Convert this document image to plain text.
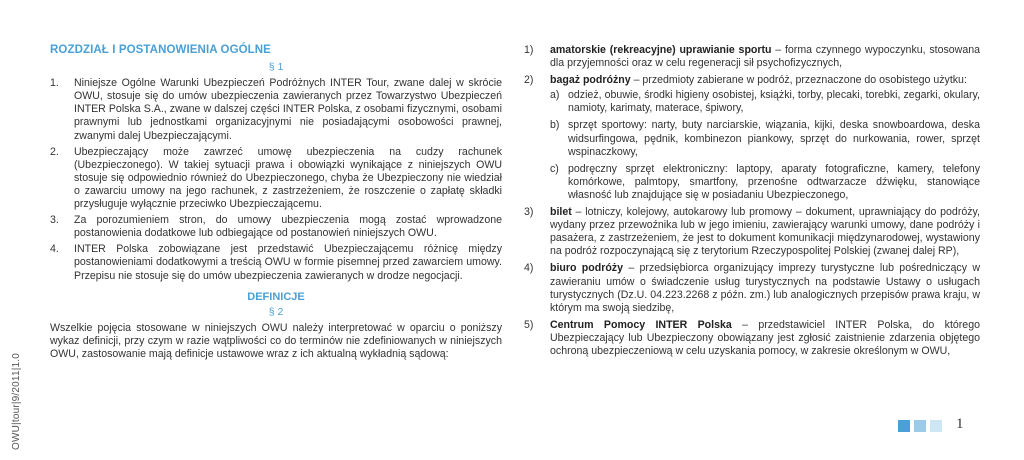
OWU|tour|9/2011|1.0
ROZDZIAŁ I POSTANOWIENIA OGÓLNE
§ 1
1. Niniejsze Ogólne Warunki Ubezpieczeń Podróżnych INTER Tour, zwane dalej w skrócie OWU, stosuje się do umów ubezpieczenia zawieranych przez Towarzystwo Ubezpieczeń INTER Polska S.A., zwane w dalszej części INTER Polska, z osobami fizycznymi, osobami prawnymi lub jednostkami organizacyjnymi nie posiadającymi osobowości prawnej, zwanymi dalej Ubezpieczającymi.
2. Ubezpieczający może zawrzeć umowę ubezpieczenia na cudzy rachunek (Ubezpieczonego). W takiej sytuacji prawa i obowiązki wynikające z niniejszych OWU stosuje się odpowiednio również do Ubezpieczonego, chyba że Ubezpieczony nie wiedział o zawarciu umowy na jego rachunek, z zastrzeżeniem, że roszczenie o zapłatę składki przysługuje wyłącznie przeciwko Ubezpieczającemu.
3. Za porozumieniem stron, do umowy ubezpieczenia mogą zostać wprowadzone postanowienia dodatkowe lub odbiegające od postanowień niniejszych OWU.
4. INTER Polska zobowiązane jest przedstawić Ubezpieczającemu różnicę między postanowieniami dodatkowymi a treścią OWU w formie pisemnej przed zawarciem umowy. Przepisu nie stosuje się do umów ubezpieczenia zawieranych w drodze negocjacji.
DEFINICJE
§ 2
Wszelkie pojęcia stosowane w niniejszych OWU należy interpretować w oparciu o poniższy wykaz definicji, przy czym w razie wątpliwości co do terminów nie zdefiniowanych w niniejszych OWU, zastosowanie mają definicje ustawowe wraz z ich aktualną wykładnią sądową:
1) amatorskie (rekreacyjne) uprawianie sportu – forma czynnego wypoczynku, stosowana dla przyjemności oraz w celu regeneracji sił psychofizycznych,
2) bagaż podróżny – przedmioty zabierane w podróż, przeznaczone do osobistego użytku:
a) odzież, obuwie, środki higieny osobistej, książki, torby, plecaki, torebki, zegarki, okulary, namioty, karimaty, materace, śpiwory,
b) sprzęt sportowy: narty, buty narciarskie, wiązania, kijki, deska snowboardowa, deska widsurfingowa, pędnik, kombinezon piankowy, sprzęt do nurkowania, rower, sprzęt wspinaczkowy,
c) podręczny sprzęt elektroniczny: laptopy, aparaty fotograficzne, kamery, telefony komórkowe, palmtopy, smartfony, przenośne odtwarzacze dźwięku, stanowiące własność lub znajdujące się w posiadaniu Ubezpieczonego,
3) bilet – lotniczy, kolejowy, autokarowy lub promowy – dokument, uprawniający do podróży, wydany przez przewoźnika lub w jego imieniu, zawierający warunki umowy, dane podróży i pasażera, z zastrzeżeniem, że jest to dokument komunikacji międzynarodowej, wystawiony na podróż rozpoczynającą się z terytorium Rzeczypospolitej Polskiej (zwanej dalej RP),
4) biuro podróży – przedsiębiorca organizujący imprezy turystyczne lub pośredniczący w zawieraniu umów o świadczenie usług turystycznych na podstawie Ustawy o usługach turystycznych (Dz.U. 04.223.2268 z późn. zm.) lub analogicznych przepisów prawa kraju, w którym ma swoją siedzibę,
5) Centrum Pomocy INTER Polska – przedstawiciel INTER Polska, do którego Ubezpieczający lub Ubezpieczony obowiązany jest zgłosić zaistnienie zdarzenia objętego ochroną ubezpieczeniową w celu uzyskania pomocy, w zakresie określonym w OWU,
1
